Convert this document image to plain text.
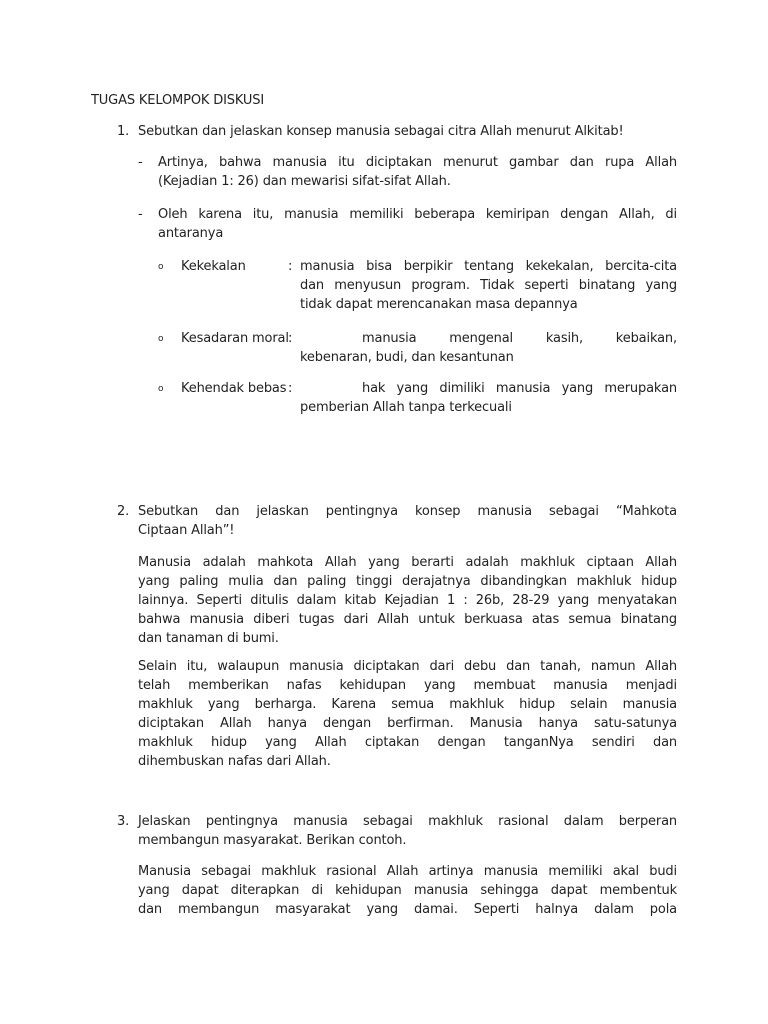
TUGAS KELOMPOK DISKUSI
1. Sebutkan dan jelaskan konsep manusia sebagai citra Allah menurut Alkitab!
- Artinya, bahwa manusia itu diciptakan menurut gambar dan rupa Allah
(Kejadian 1: 26) dan mewarisi sifat-sifat Allah.
- Oleh karena itu, manusia memiliki beberapa kemiripan dengan Allah, di
antaranya
o Kekekalan	: manusia bisa berpikir tentang kekekalan, bercita-cita
dan menyusun program. Tidak seperti binatang yang
tidak dapat merencanakan masa depannya
o Kesadaran moral :	manusia mengenal kasih, kebaikan,
kebenaran, budi, dan kesantunan
o Kehendak bebas :	hak yang dimiliki manusia yang merupakan
pemberian Allah tanpa terkecuali
2. Sebutkan dan jelaskan pentingnya konsep manusia sebagai “Mahkota
Ciptaan Allah”!
Manusia adalah mahkota Allah yang berarti adalah makhluk ciptaan Allah
yang paling mulia dan paling tinggi derajatnya dibandingkan makhluk hidup
lainnya. Seperti ditulis dalam kitab Kejadian 1 : 26b, 28-29 yang menyatakan
bahwa manusia diberi tugas dari Allah untuk berkuasa atas semua binatang
dan tanaman di bumi.
Selain itu, walaupun manusia diciptakan dari debu dan tanah, namun Allah
telah memberikan nafas kehidupan yang membuat manusia menjadi
makhluk yang berharga. Karena semua makhluk hidup selain manusia
diciptakan Allah hanya dengan berfirman. Manusia hanya satu-satunya
makhluk hidup yang Allah ciptakan dengan tanganNya sendiri dan
dihembuskan nafas dari Allah.
3. Jelaskan pentingnya manusia sebagai makhluk rasional dalam berperan
membangun masyarakat. Berikan contoh.
Manusia sebagai makhluk rasional Allah artinya manusia memiliki akal budi
yang dapat diterapkan di kehidupan manusia sehingga dapat membentuk
dan membangun masyarakat yang damai. Seperti halnya dalam pola
